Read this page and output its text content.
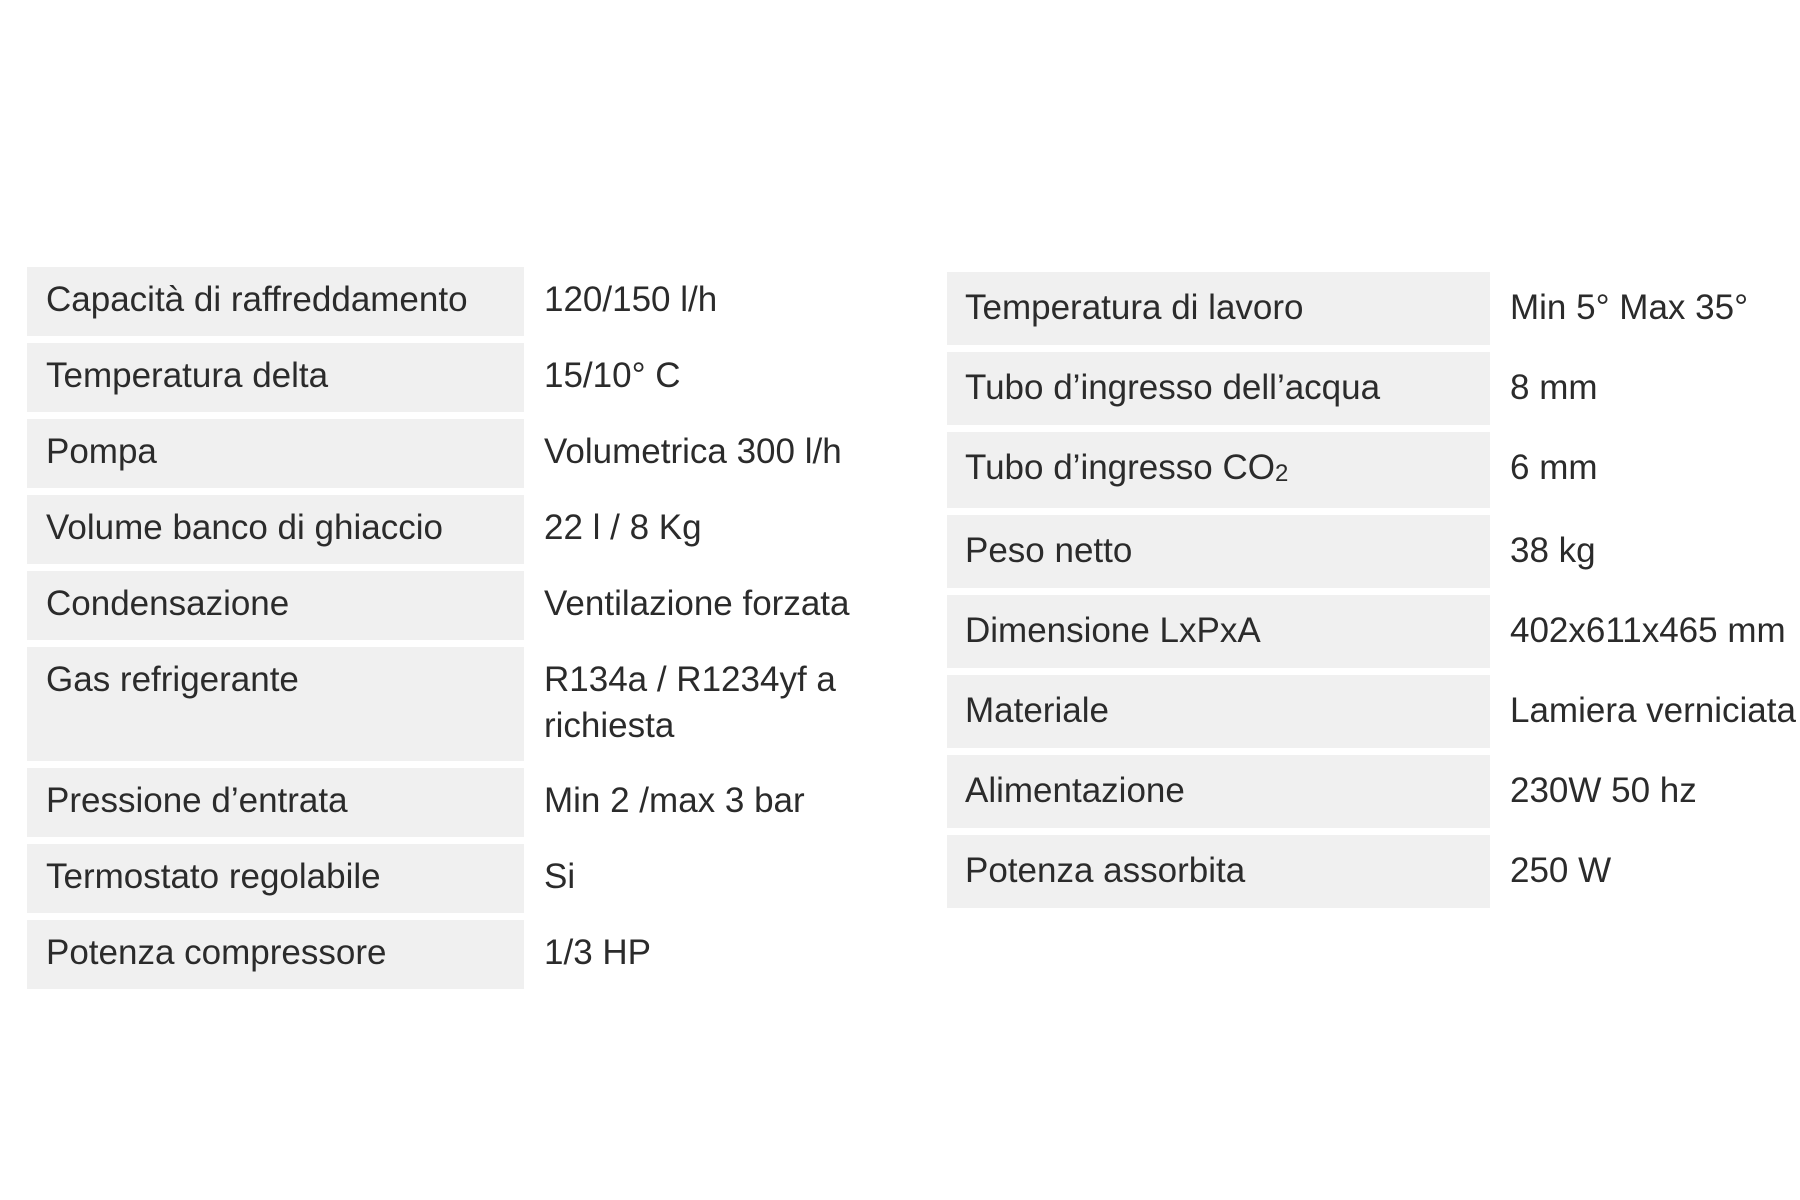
Capacità di raffreddamento	120/150 l/h
Temperatura delta	15/10° C
Pompa	Volumetrica 300 l/h
Volume banco di ghiaccio	22 l / 8 Kg
Condensazione	Ventilazione forzata
Gas refrigerante	R134a / R1234yf a richiesta
Pressione d’entrata	Min 2 /max 3 bar
Termostato regolabile	Si
Potenza compressore	1/3 HP
Temperatura di lavoro	Min 5° Max 35°
Tubo d’ingresso dell’acqua	8 mm
Tubo d’ingresso $CO_2$	6 mm
Peso netto	38 kg
Dimensione LxPxA	402x611x465 mm
Materiale	Lamiera verniciata
Alimentazione	230W 50 hz
Potenza assorbita	250 W
